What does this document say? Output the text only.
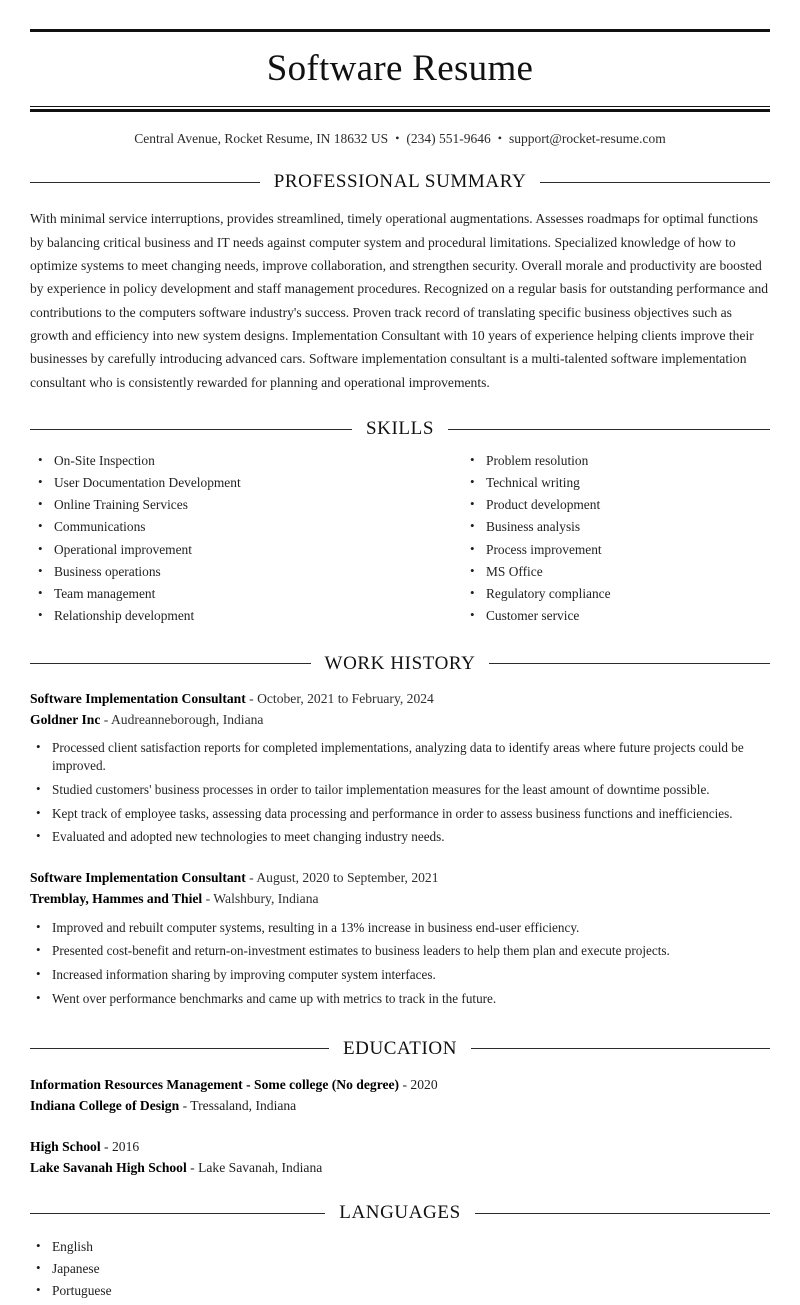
Software Resume
Central Avenue, Rocket Resume, IN 18632 US • (234) 551-9646 • support@rocket-resume.com
PROFESSIONAL SUMMARY

With minimal service interruptions, provides streamlined, timely operational augmentations. Assesses roadmaps for optimal functions by balancing critical business and IT needs against computer system and procedural limitations. Specialized knowledge of how to optimize systems to meet changing needs, improve collaboration, and strengthen security. Overall morale and productivity are boosted by experience in policy development and staff management procedures. Recognized on a regular basis for outstanding performance and contributions to the computers software industry's success. Proven track record of translating specific business objectives such as growth and efficiency into new system designs. Implementation Consultant with 10 years of experience helping clients improve their businesses by carefully introducing advanced cars. Software implementation consultant is a multi-talented software implementation consultant who is consistently rewarded for planning and operational improvements.

SKILLS
• On-Site Inspection
• User Documentation Development
• Online Training Services
• Communications
• Operational improvement
• Business operations
• Team management
• Relationship development
• Problem resolution
• Technical writing
• Product development
• Business analysis
• Process improvement
• MS Office
• Regulatory compliance
• Customer service
WORK HISTORY
Software Implementation Consultant - October, 2021 to February, 2024
Goldner Inc - Audreanneborough, Indiana
• Processed client satisfaction reports for completed implementations, analyzing data to identify areas where future projects could be improved.
• Studied customers' business processes in order to tailor implementation measures for the least amount of downtime possible.
• Kept track of employee tasks, assessing data processing and performance in order to assess business functions and inefficiencies.
• Evaluated and adopted new technologies to meet changing industry needs.
Software Implementation Consultant - August, 2020 to September, 2021
Tremblay, Hammes and Thiel - Walshbury, Indiana
• Improved and rebuilt computer systems, resulting in a 13% increase in business end-user efficiency.
• Presented cost-benefit and return-on-investment estimates to business leaders to help them plan and execute projects.
• Increased information sharing by improving computer system interfaces.
• Went over performance benchmarks and came up with metrics to track in the future.
EDUCATION
Information Resources Management - Some college (No degree) - 2020
Indiana College of Design - Tressaland, Indiana
High School - 2016
Lake Savanah High School - Lake Savanah, Indiana
LANGUAGES
• English
• Japanese
• Portuguese
